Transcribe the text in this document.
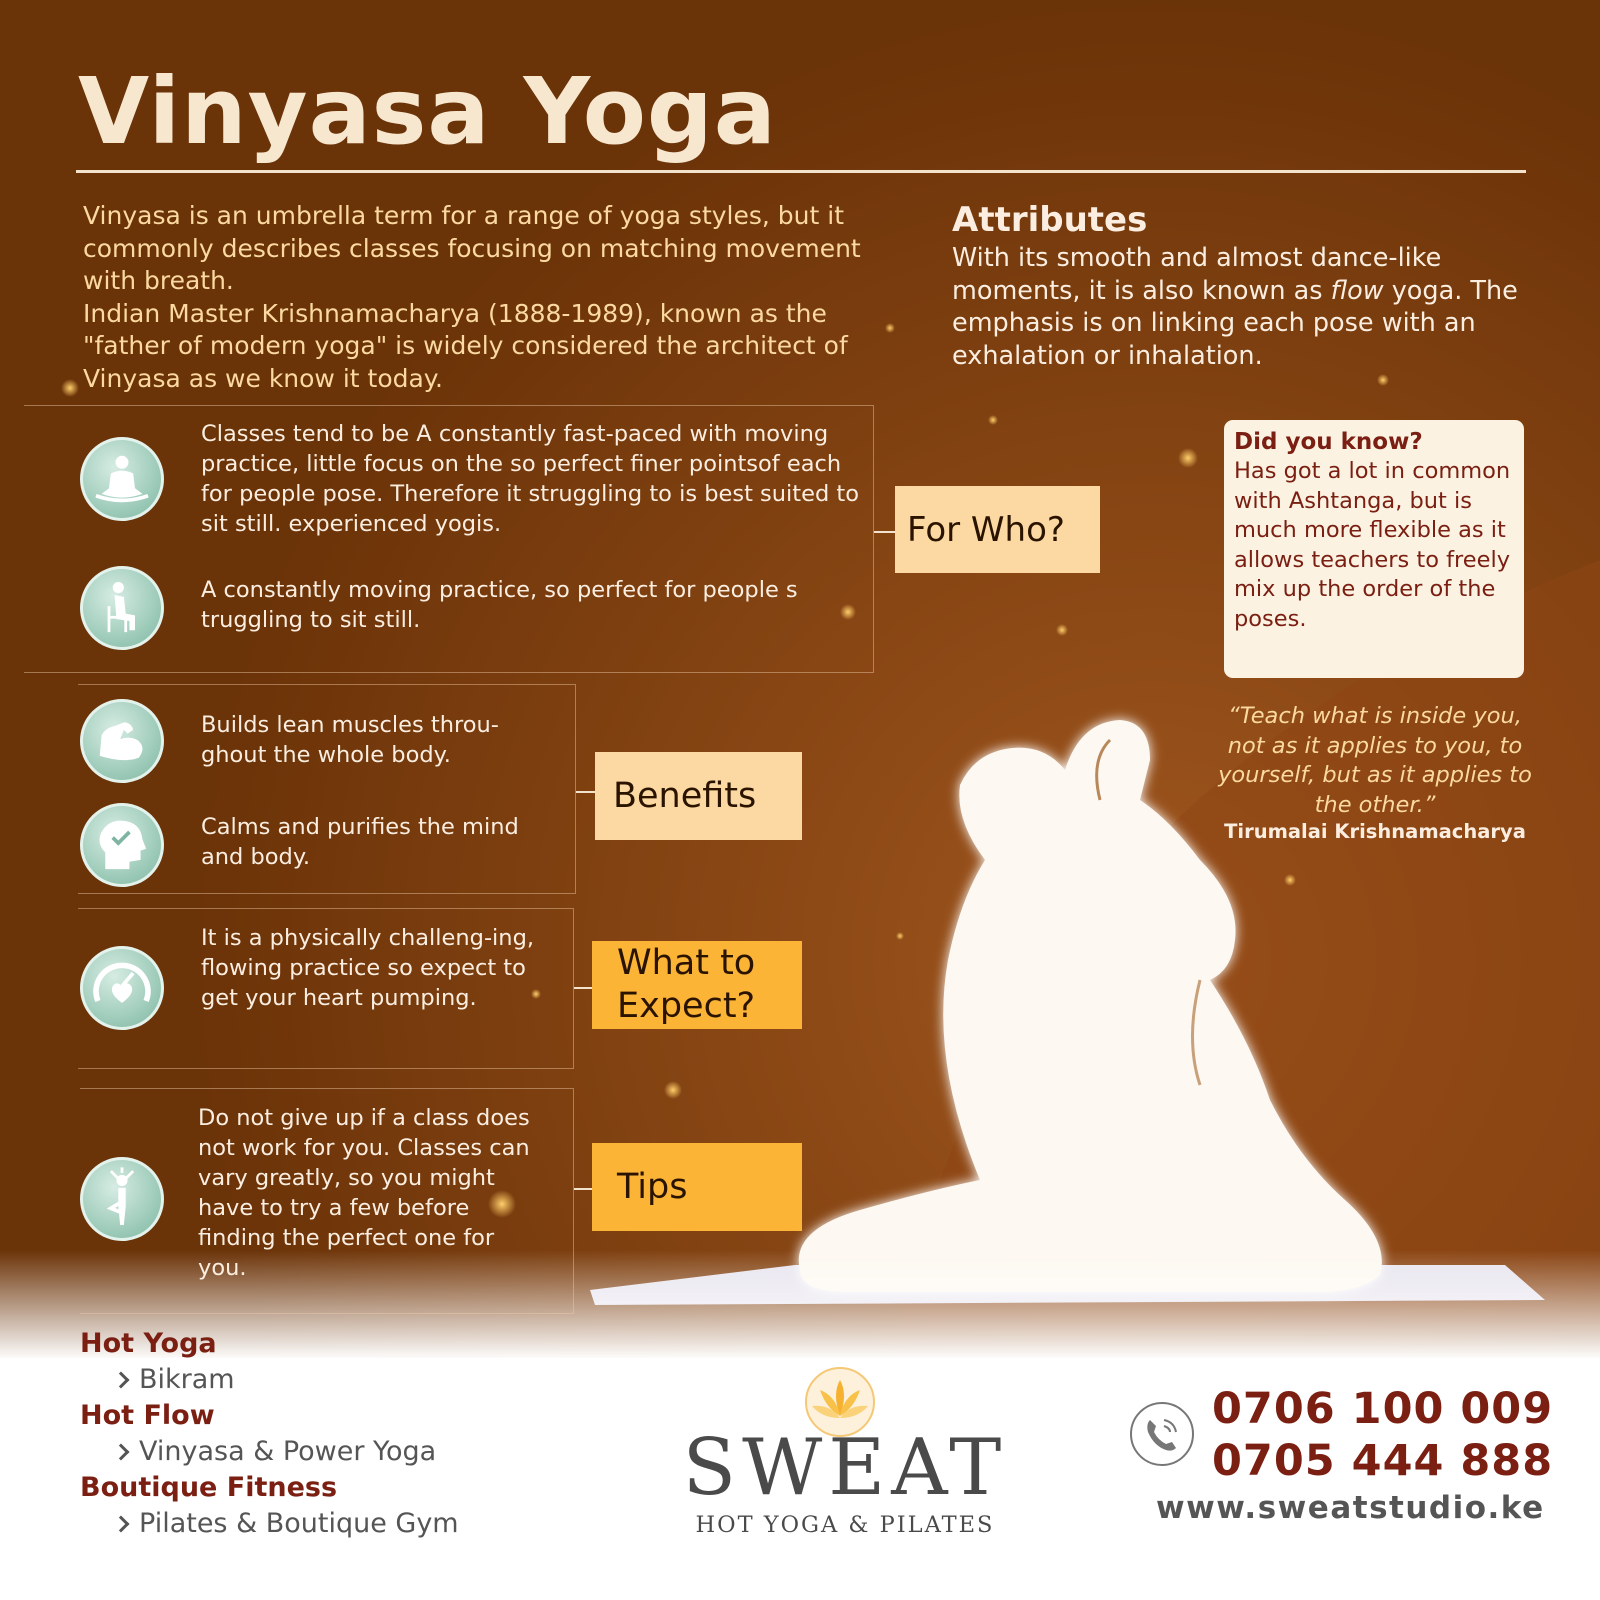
Vinyasa Yoga

Vinyasa is an umbrella term for a range of yoga styles, but it commonly describes classes focusing on matching movement with breath.

Indian Master Krishnamacharya (1888-1989), known as the "father of modern yoga" is widely considered the architect of Vinyasa as we know it today.

Attributes
With its smooth and almost dance-like moments, it is also known as flow yoga. The emphasis is on linking each pose with an exhalation or inhalation.
Classes tend to be A constantly fast-paced with moving practice, little focus on the so perfect finer pointsof each for people pose. Therefore it struggling to is best suited to sit still. experienced yogis.
A constantly moving practice, so perfect for people s truggling to sit still.
For Who?
Builds lean muscles throu-ghout the whole body.
Calms and purifies the mind and body.
Benefits
It is a physically challeng-ing, flowing practice so expect to get your heart pumping.
What to Expect?
Do not give up if a class does not work for you. Classes can vary greatly, so you might have to try a few before finding the perfect one for you.
Tips
Did you know?
Has got a lot in common with Ashtanga, but is much more flexible as it allows teachers to freely mix up the order of the poses.
“Teach what is inside you, not as it applies to you, to yourself, but as it applies to the other.”
Tirumalai Krishnamacharya
Hot Yoga
Bikram
Hot Flow
Vinyasa & Power Yoga
Boutique Fitness
Pilates & Boutique Gym
SWEAT
HOT YOGA & PILATES
0706 100 009
0705 444 888
www.sweatstudio.ke
